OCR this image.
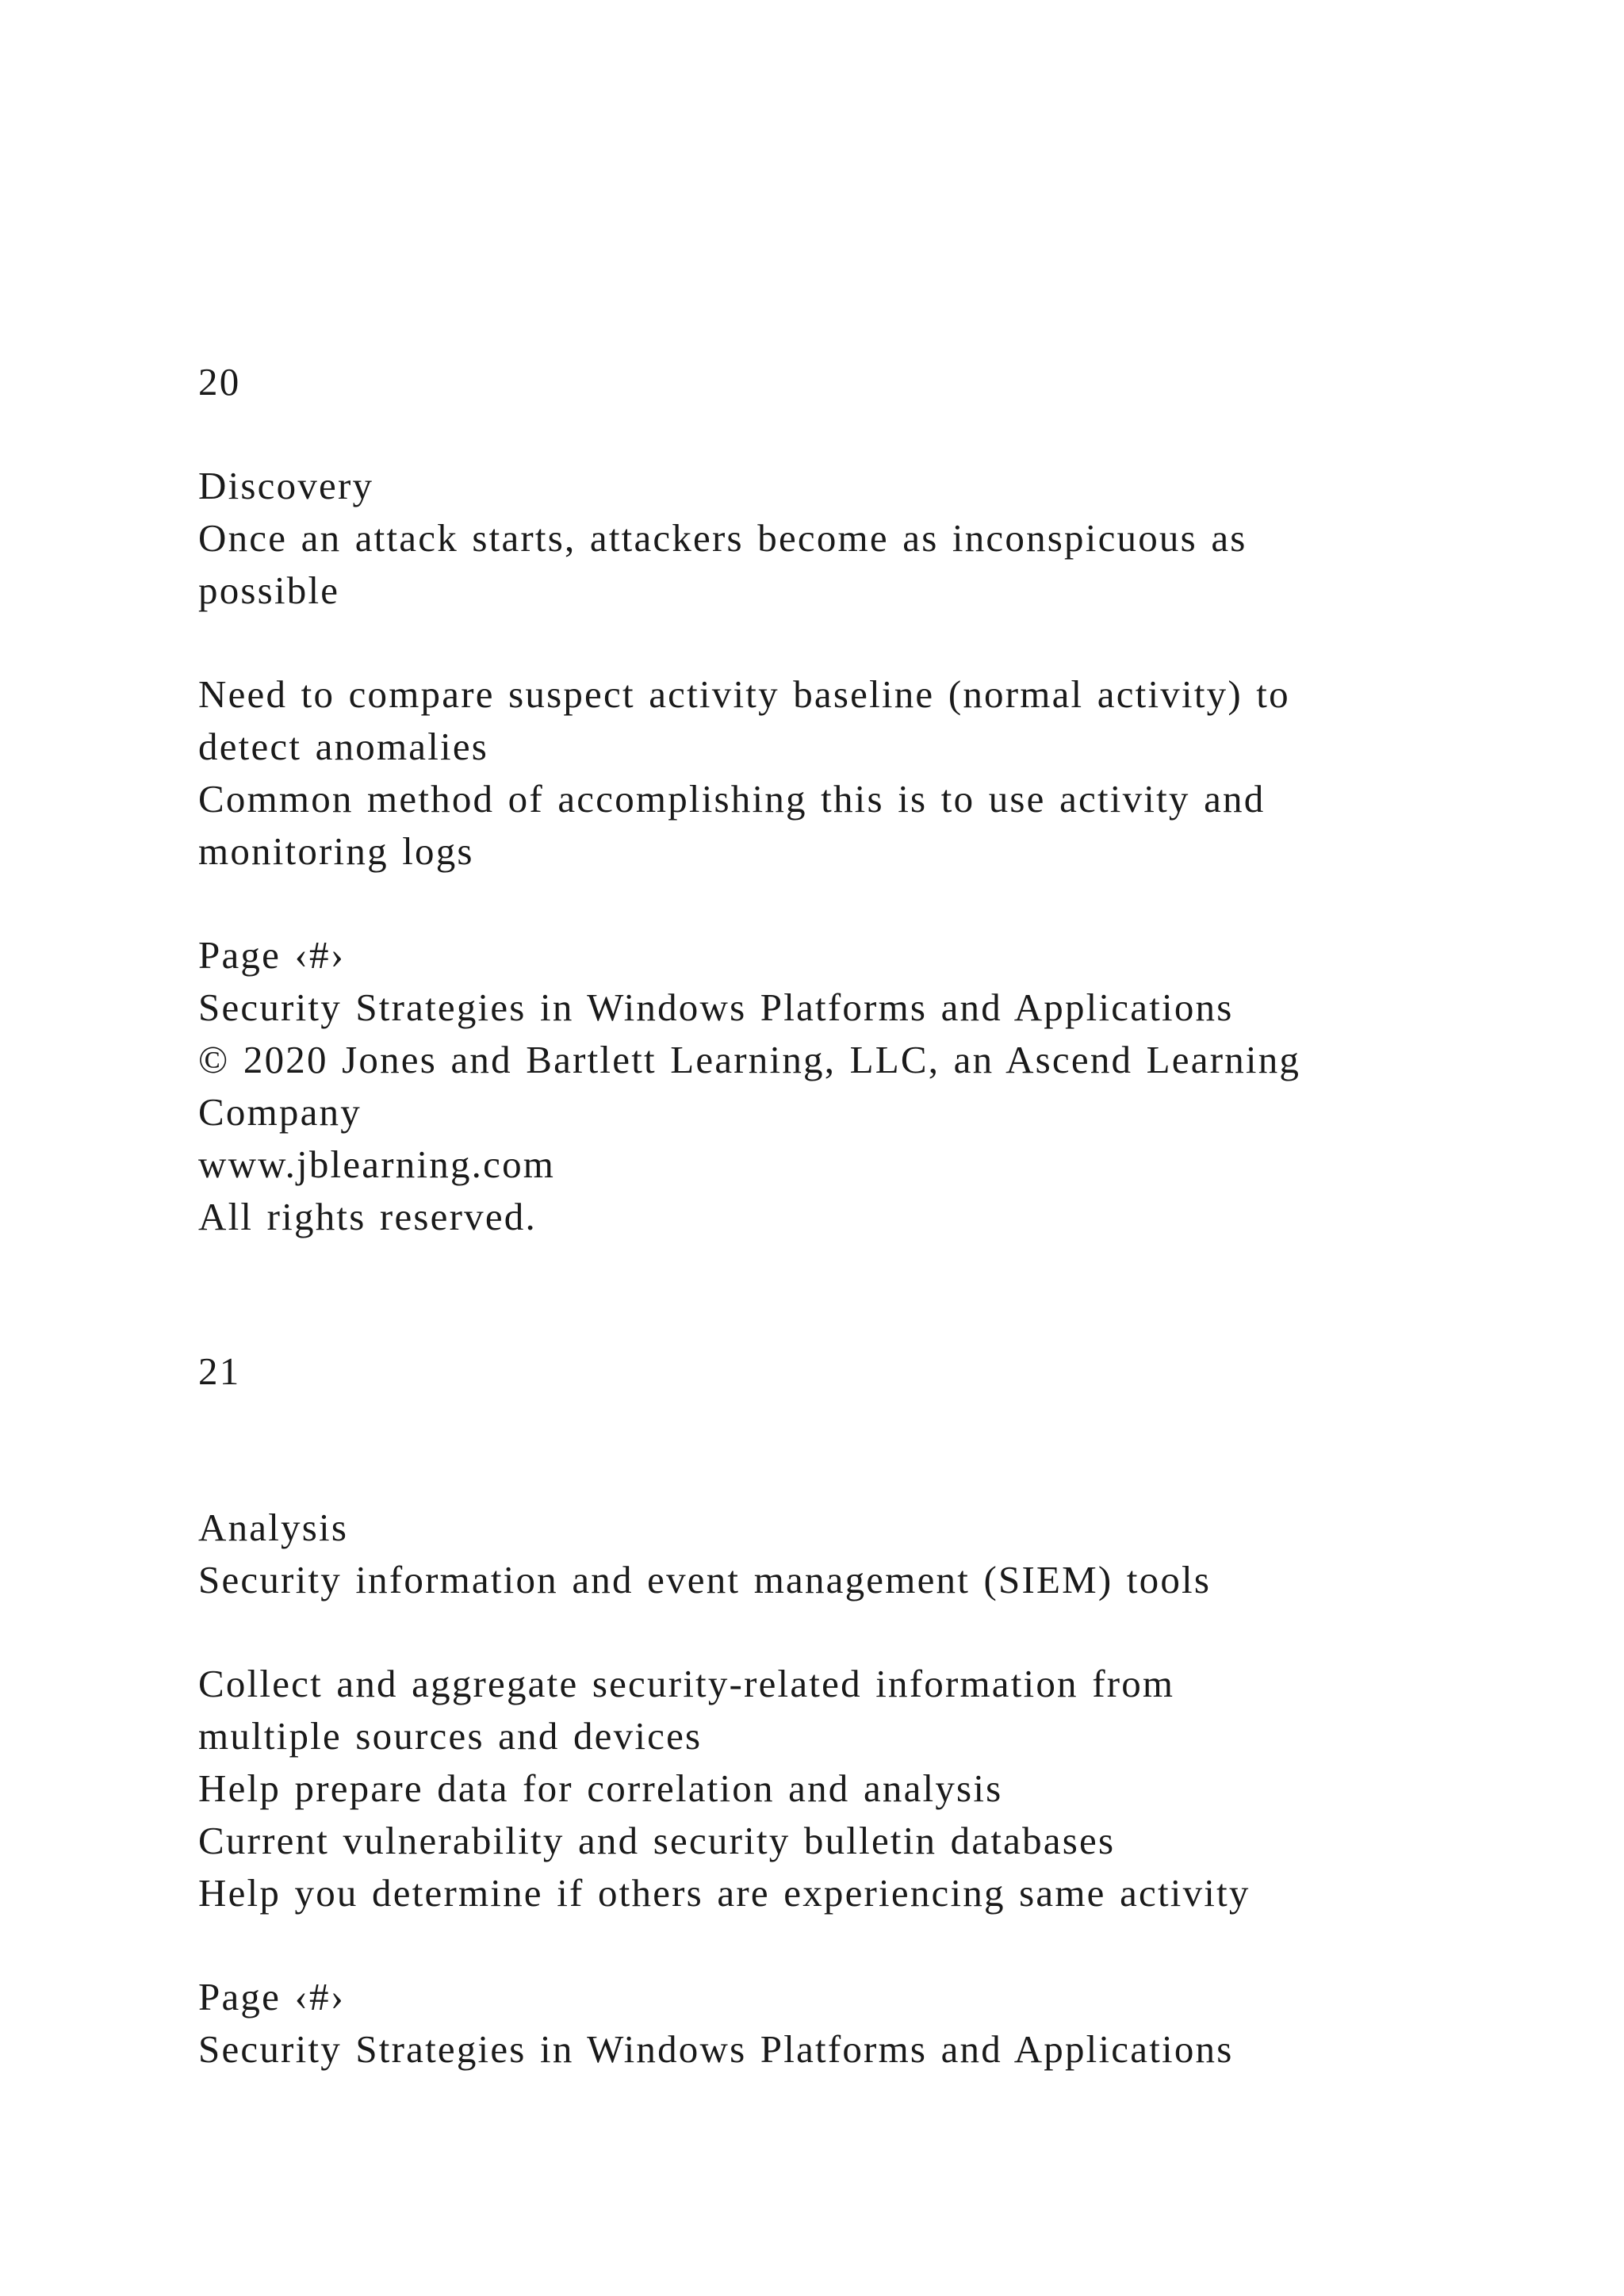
20
Discovery
Once an attack starts, attackers become as inconspicuous as
possible
Need to compare suspect activity baseline (normal activity) to
detect anomalies
Common method of accomplishing this is to use activity and
monitoring logs
Page ‹#›
Security Strategies in Windows Platforms and Applications
© 2020 Jones and Bartlett Learning, LLC, an Ascend Learning
Company
www.jblearning.com
All rights reserved.
21
Analysis
Security information and event management (SIEM) tools
Collect and aggregate security-related information from
multiple sources and devices
Help prepare data for correlation and analysis
Current vulnerability and security bulletin databases
Help you determine if others are experiencing same activity
Page ‹#›
Security Strategies in Windows Platforms and Applications
